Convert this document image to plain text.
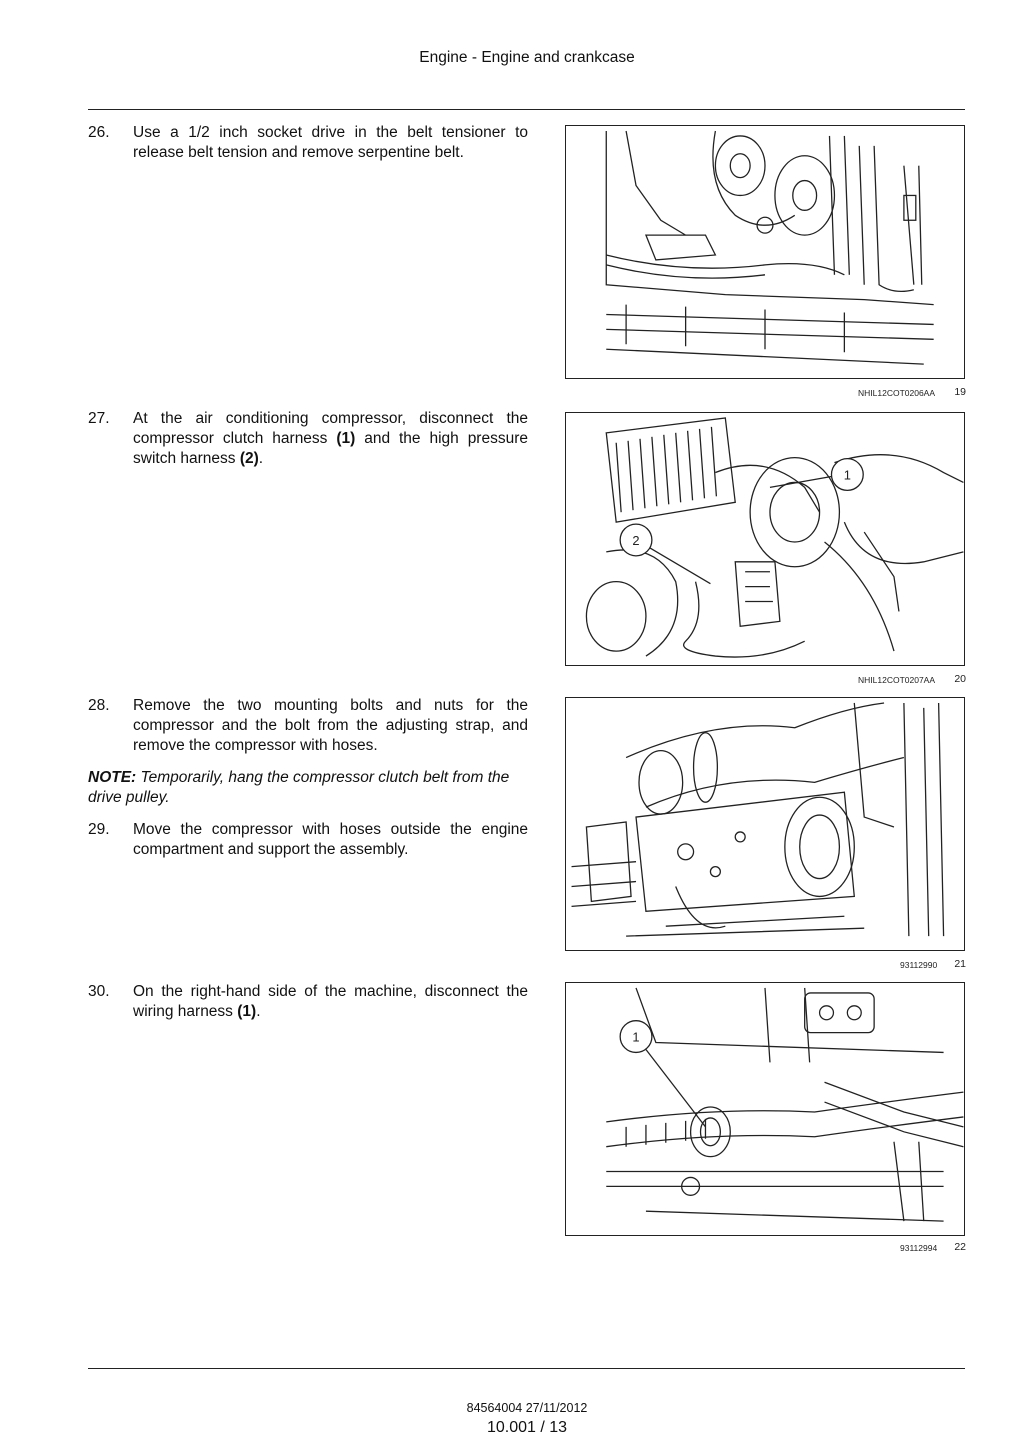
Engine - Engine and crankcase
26. Use a 1/2 inch socket drive in the belt tensioner to release belt tension and remove serpentine belt.
NHIL12COT0206AA	19
27. At the air conditioning compressor, disconnect the compressor clutch harness (1) and the high pressure switch harness (2).
1
2
NHIL12COT0207AA	20
28. Remove the two mounting bolts and nuts for the compressor and the bolt from the adjusting strap, and remove the compressor with hoses.
NOTE: Temporarily, hang the compressor clutch belt from the drive pulley.
29. Move the compressor with hoses outside the engine compartment and support the assembly.
93112990	21
30. On the right-hand side of the machine, disconnect the wiring harness (1).
1
93112994	22
84564004 27/11/2012
10.001 / 13
